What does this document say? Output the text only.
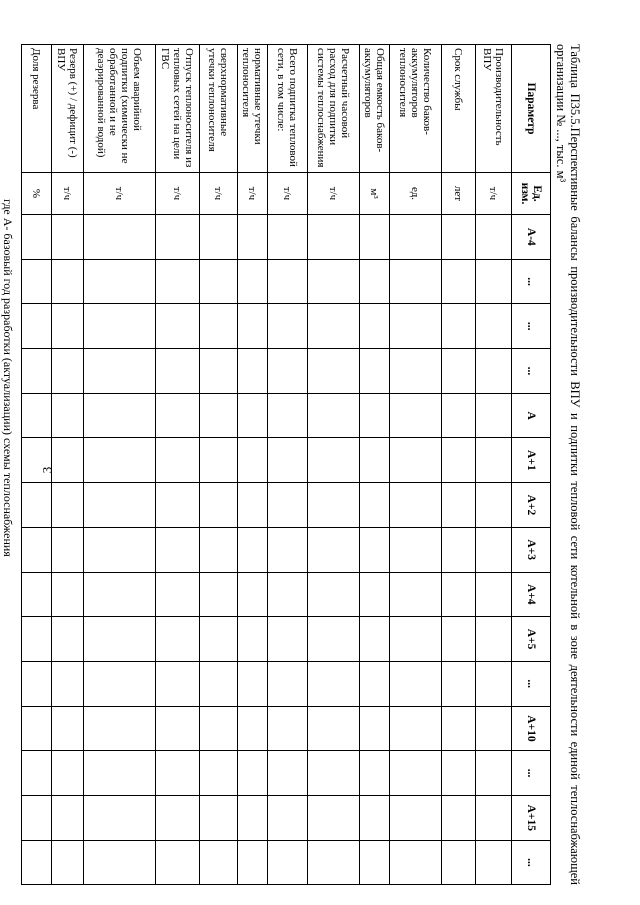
3	Таблица П35.5.Перспективные балансы производительности ВПУ и подпитки тепловой сети котельной в зоне деятельности единой теплоснабжающей организации № ..., тыс. м³

Параметр	Ед. изм.	А-4	...	...	...	А	А+1	А+2	А+3	А+4	А+5	...	А+10	...	А+15	...
Производительность ВПУ	т/ч															
Срок службы	лет															
Количество баков-аккумуляторов теплоносителя	ед.															
Общая емкость баков-аккумуляторов	м³															
Расчетный часовой расход для подпитки системы теплоснабжения	т/ч															
Всего подпитка тепловой сети, в том числе:	т/ч															
нормативные утечки теплоносителя	т/ч															
сверхнормативные утечки теплоносителя	т/ч															
Отпуск теплоносителя из тепловых сетей на цели ГВС	т/ч															
Объем аварийной подпитки (химически не обработанной и не деаэрированной водой)	т/ч															
Резерв (+) / дефицит (-) ВПУ	т/ч															
Доля резерва	%															
где А- базовый год разработки (актуализации) схемы теплоснабжения
